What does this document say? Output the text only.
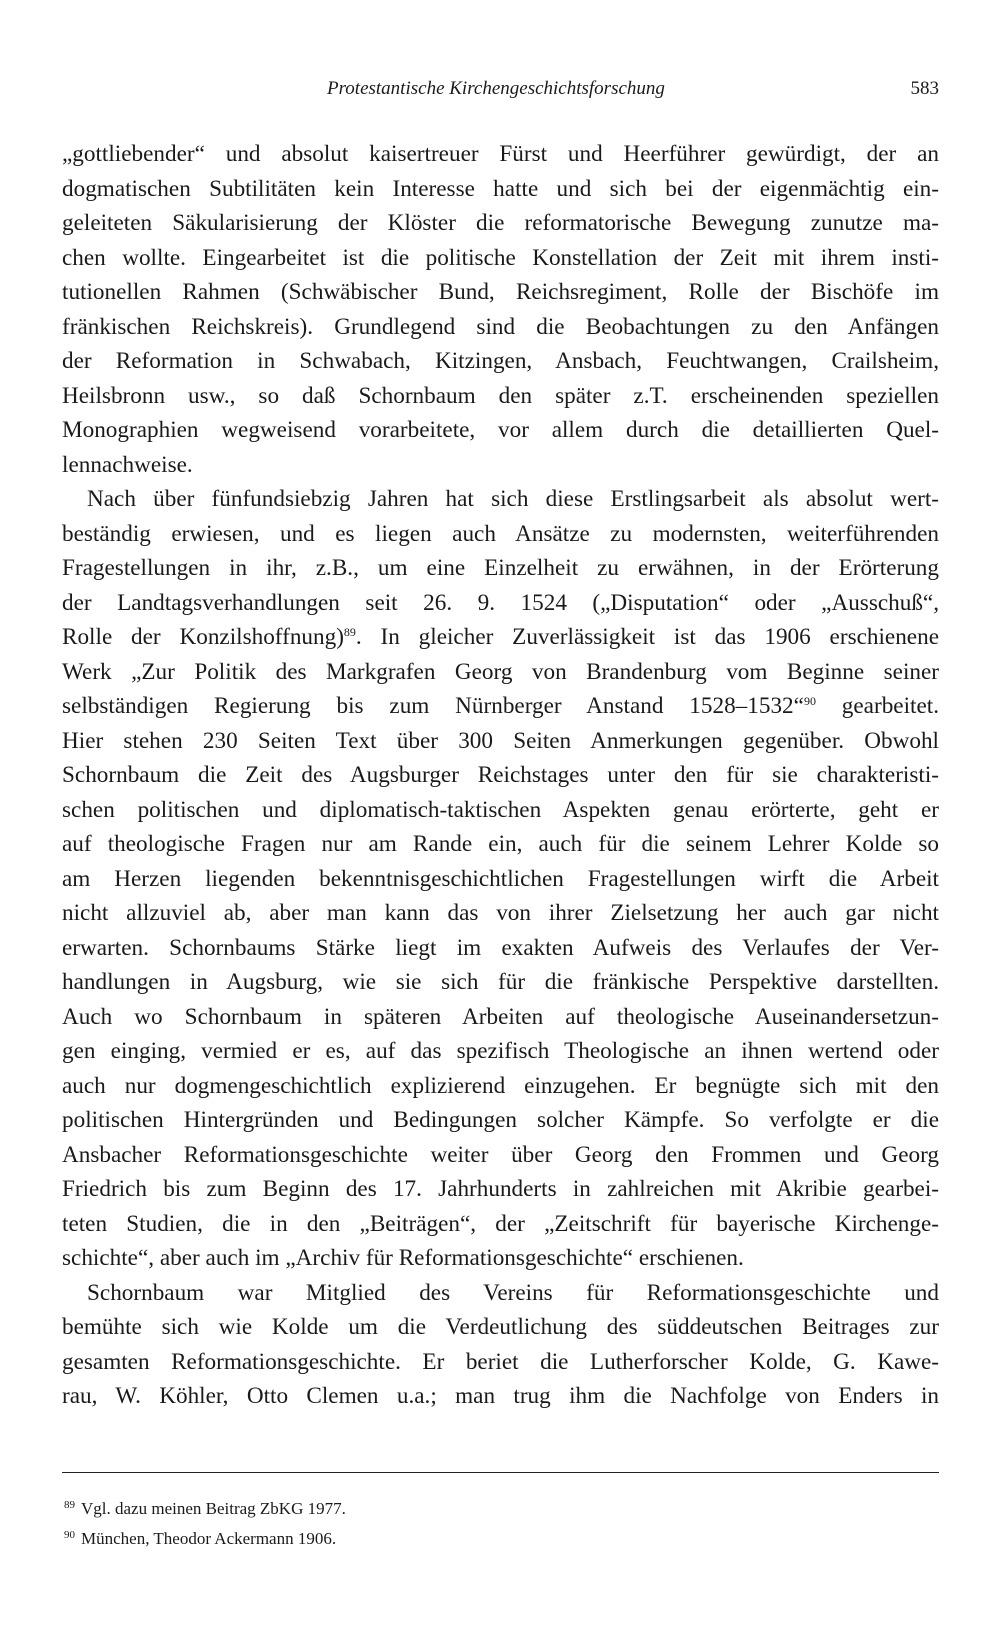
Protestantische Kirchengeschichtsforschung	583
„gottliebender“ und absolut kaisertreuer Fürst und Heerführer gewürdigt, der an
dogmatischen Subtilitäten kein Interesse hatte und sich bei der eigenmächtig ein-
geleiteten Säkularisierung der Klöster die reformatorische Bewegung zunutze ma-
chen wollte. Eingearbeitet ist die politische Konstellation der Zeit mit ihrem insti-
tutionellen Rahmen (Schwäbischer Bund, Reichsregiment, Rolle der Bischöfe im
fränkischen Reichskreis). Grundlegend sind die Beobachtungen zu den Anfängen
der Reformation in Schwabach, Kitzingen, Ansbach, Feuchtwangen, Crailsheim,
Heilsbronn usw., so daß Schornbaum den später z.T. erscheinenden speziellen
Monographien wegweisend vorarbeitete, vor allem durch die detaillierten Quel-
lennachweise.
Nach über fünfundsiebzig Jahren hat sich diese Erstlingsarbeit als absolut wert-
beständig erwiesen, und es liegen auch Ansätze zu modernsten, weiterführenden
Fragestellungen in ihr, z.B., um eine Einzelheit zu erwähnen, in der Erörterung
der Landtagsverhandlungen seit 26. 9. 1524 („Disputation“ oder „Ausschuß“,
Rolle der Konzilshoffnung)$^{89}$. In gleicher Zuverlässigkeit ist das 1906 erschienene
Werk „Zur Politik des Markgrafen Georg von Brandenburg vom Beginne seiner
selbständigen Regierung bis zum Nürnberger Anstand 1528–1532“$^{90}$ gearbeitet.
Hier stehen 230 Seiten Text über 300 Seiten Anmerkungen gegenüber. Obwohl
Schornbaum die Zeit des Augsburger Reichstages unter den für sie charakteristi-
schen politischen und diplomatisch-taktischen Aspekten genau erörterte, geht er
auf theologische Fragen nur am Rande ein, auch für die seinem Lehrer Kolde so
am Herzen liegenden bekenntnisgeschichtlichen Fragestellungen wirft die Arbeit
nicht allzuviel ab, aber man kann das von ihrer Zielsetzung her auch gar nicht
erwarten. Schornbaums Stärke liegt im exakten Aufweis des Verlaufes der Ver-
handlungen in Augsburg, wie sie sich für die fränkische Perspektive darstellten.
Auch wo Schornbaum in späteren Arbeiten auf theologische Auseinandersetzun-
gen einging, vermied er es, auf das spezifisch Theologische an ihnen wertend oder
auch nur dogmengeschichtlich explizierend einzugehen. Er begnügte sich mit den
politischen Hintergründen und Bedingungen solcher Kämpfe. So verfolgte er die
Ansbacher Reformationsgeschichte weiter über Georg den Frommen und Georg
Friedrich bis zum Beginn des 17. Jahrhunderts in zahlreichen mit Akribie gearbei-
teten Studien, die in den „Beiträgen“, der „Zeitschrift für bayerische Kirchenge-
schichte“, aber auch im „Archiv für Reformationsgeschichte“ erschienen.
Schornbaum war Mitglied des Vereins für Reformationsgeschichte und
bemühte sich wie Kolde um die Verdeutlichung des süddeutschen Beitrages zur
gesamten Reformationsgeschichte. Er beriet die Lutherforscher Kolde, G. Kawe-
rau, W. Köhler, Otto Clemen u.a.; man trug ihm die Nachfolge von Enders in
$^{89}$ Vgl. dazu meinen Beitrag ZbKG 1977.
$^{90}$ München, Theodor Ackermann 1906.
